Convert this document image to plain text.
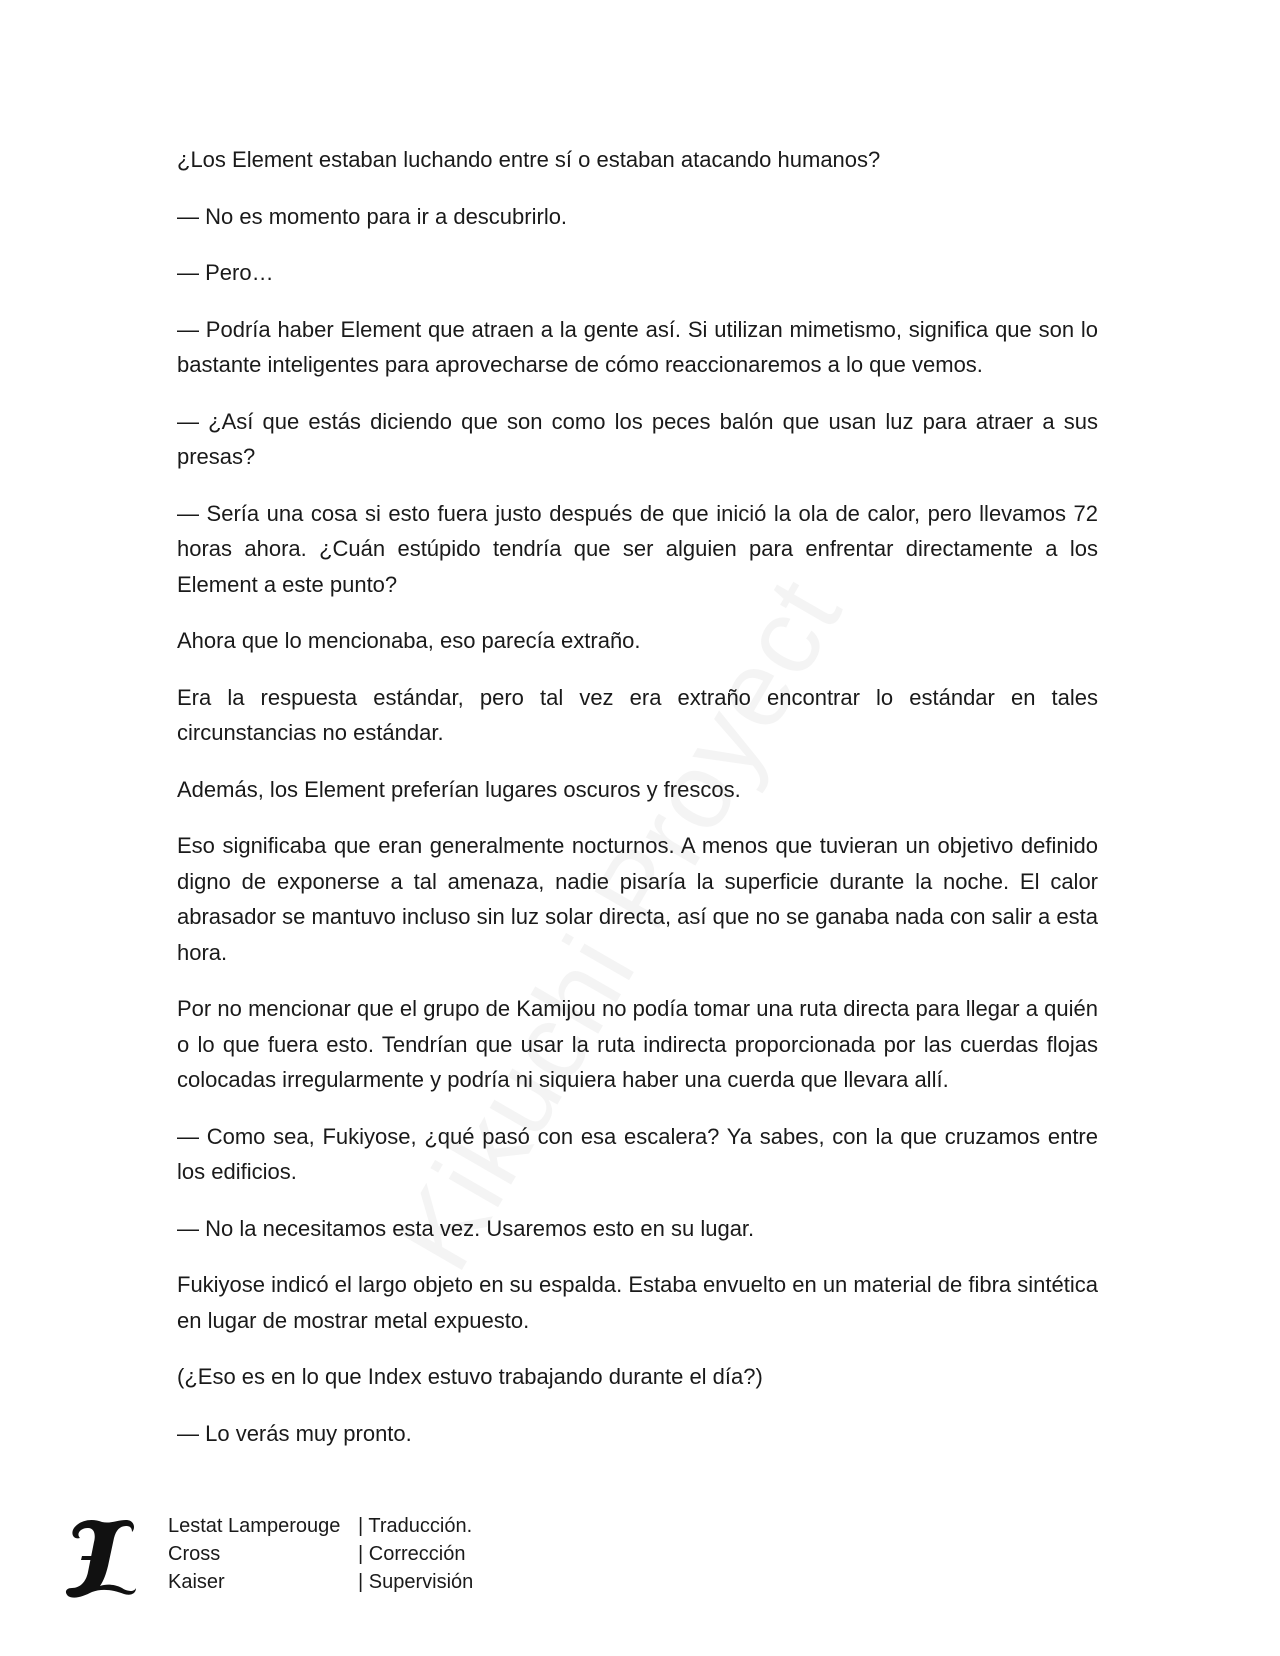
¿Los Element estaban luchando entre sí o estaban atacando humanos?

— No es momento para ir a descubrirlo.

— Pero…

— Podría haber Element que atraen a la gente así. Si utilizan mimetismo, significa que son lo bastante inteligentes para aprovecharse de cómo reaccionaremos a lo que vemos.

— ¿Así que estás diciendo que son como los peces balón que usan luz para atraer a sus presas?

— Sería una cosa si esto fuera justo después de que inició la ola de calor, pero llevamos 72 horas ahora. ¿Cuán estúpido tendría que ser alguien para enfrentar directamente a los Element a este punto?

Ahora que lo mencionaba, eso parecía extraño.

Era la respuesta estándar, pero tal vez era extraño encontrar lo estándar en tales circunstancias no estándar.

Además, los Element preferían lugares oscuros y frescos.

Eso significaba que eran generalmente nocturnos. A menos que tuvieran un objetivo definido digno de exponerse a tal amenaza, nadie pisaría la superficie durante la noche. El calor abrasador se mantuvo incluso sin luz solar directa, así que no se ganaba nada con salir a esta hora.

Por no mencionar que el grupo de Kamijou no podía tomar una ruta directa para llegar a quién o lo que fuera esto. Tendrían que usar la ruta indirecta proporcionada por las cuerdas flojas colocadas irregularmente y podría ni siquiera haber una cuerda que llevara allí.

— Como sea, Fukiyose, ¿qué pasó con esa escalera? Ya sabes, con la que cruzamos entre los edificios.

— No la necesitamos esta vez. Usaremos esto en su lugar.

Fukiyose indicó el largo objeto en su espalda. Estaba envuelto en un material de fibra sintética en lugar de mostrar metal expuesto.

(¿Eso es en lo que Index estuvo trabajando durante el día?)

— Lo verás muy pronto.

Lestat Lamperouge	| Traducción.
Cross	| Corrección
Kaiser	| Supervisión
